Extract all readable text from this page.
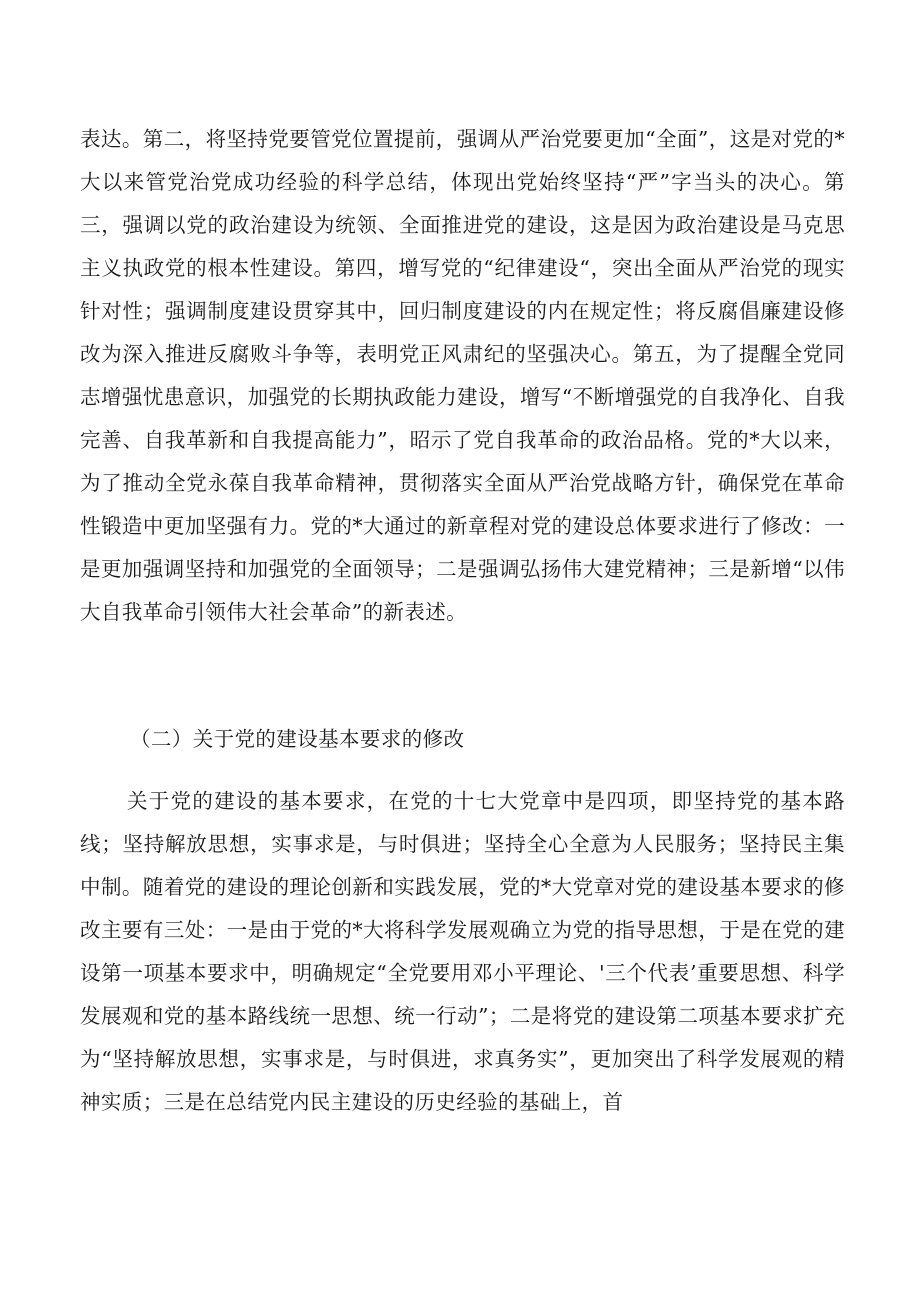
表达。第二，将坚持党要管党位置提前，强调从严治党要更加“全面”，这是对党的*大以来管党治党成功经验的科学总结，体现出党始终坚持“严”字当头的决心。第三，强调以党的政治建设为统领、全面推进党的建设，这是因为政治建设是马克思主义执政党的根本性建设。第四，增写党的“纪律建设“，突出全面从严治党的现实针对性；强调制度建设贯穿其中，回归制度建设的内在规定性；将反腐倡廉建设修改为深入推进反腐败斗争等，表明党正风肃纪的坚强决心。第五，为了提醒全党同志增强忧患意识，加强党的长期执政能力建设，增写“不断增强党的自我净化、自我完善、自我革新和自我提高能力”，昭示了党自我革命的政治品格。党的*大以来，为了推动全党永葆自我革命精神，贯彻落实全面从严治党战略方针，确保党在革命性锻造中更加坚强有力。党的*大通过的新章程对党的建设总体要求进行了修改：一是更加强调坚持和加强党的全面领导；二是强调弘扬伟大建党精神；三是新增“以伟大自我革命引领伟大社会革命”的新表述。

（二）关于党的建设基本要求的修改

关于党的建设的基本要求，在党的十七大党章中是四项，即坚持党的基本路线；坚持解放思想，实事求是，与时俱进；坚持全心全意为人民服务；坚持民主集中制。随着党的建设的理论创新和实践发展，党的*大党章对党的建设基本要求的修改主要有三处：一是由于党的*大将科学发展观确立为党的指导思想，于是在党的建设第一项基本要求中，明确规定“全党要用邓小平理论、'三个代表’重要思想、科学发展观和党的基本路线统一思想、统一行动”；二是将党的建设第二项基本要求扩充为“坚持解放思想，实事求是，与时俱进，求真务实”，更加突出了科学发展观的精神实质；三是在总结党内民主建设的历史经验的基础上，首
